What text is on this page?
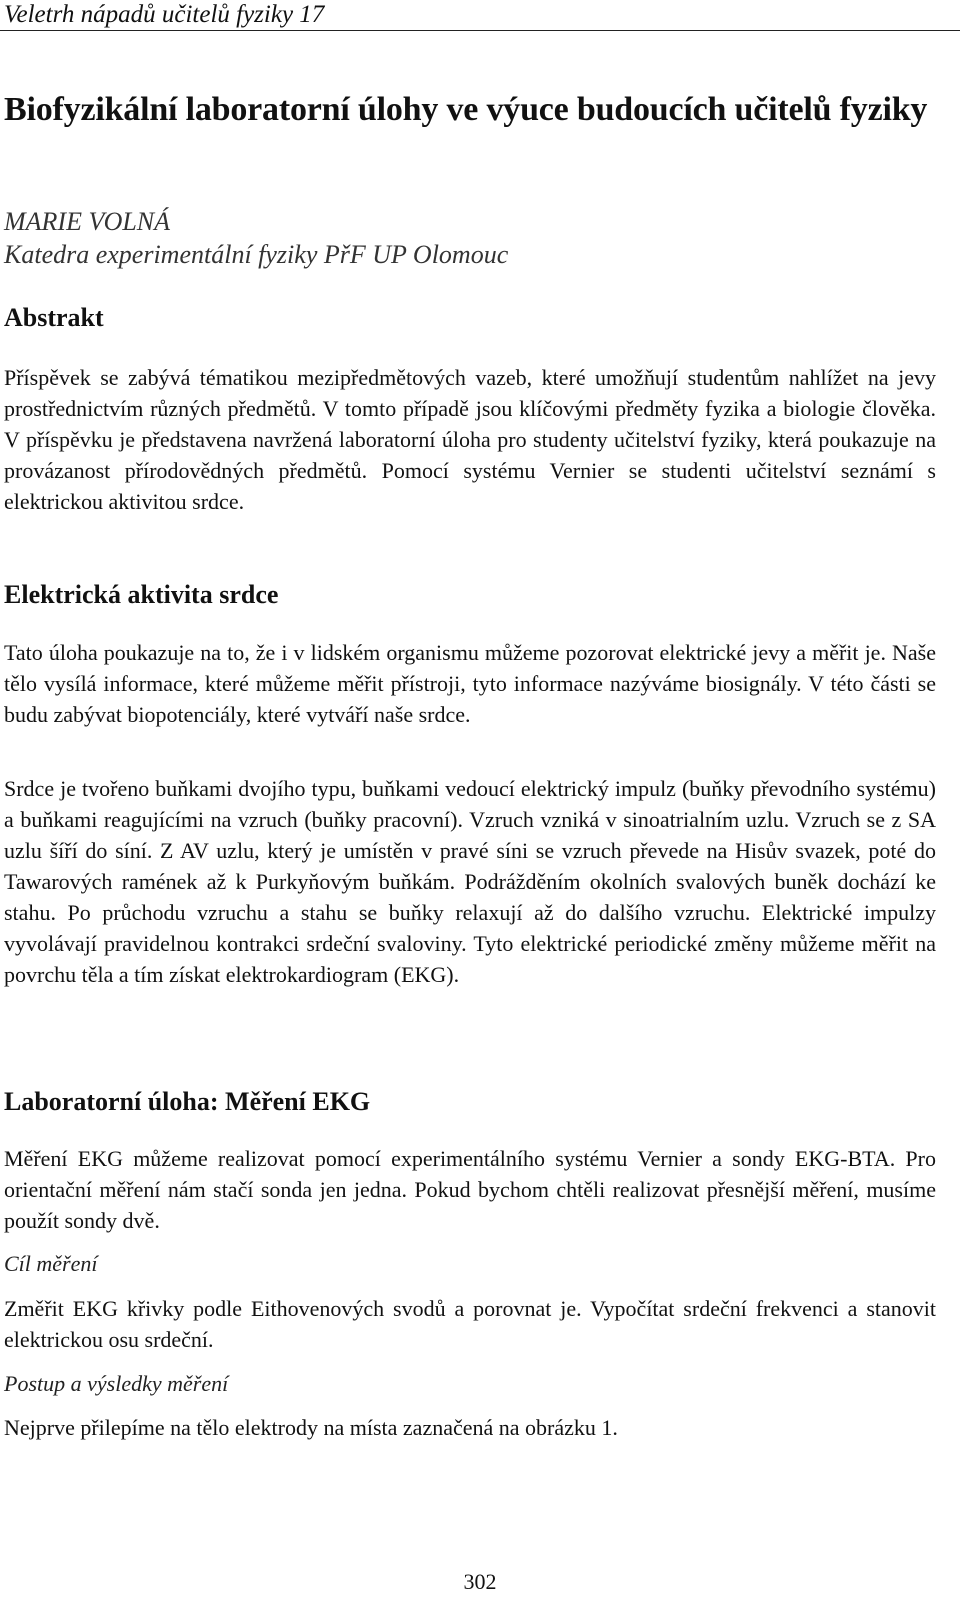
Veletrh nápadů učitelů fyziky 17
Biofyzikální laboratorní úlohy ve výuce budoucích učitelů fyziky
MARIE VOLNÁ
Katedra experimentální fyziky PřF UP Olomouc
Abstrakt

Příspěvek se zabývá tématikou mezipředmětových vazeb, které umožňují studentům nahlížet na jevy prostřednictvím různých předmětů. V tomto případě jsou klíčovými předměty fyzika a biologie člověka. V příspěvku je představena navržená laboratorní úloha pro studenty učitelství fyziky, která poukazuje na provázanost přírodovědných předmětů. Pomocí systému Vernier se studenti učitelství seznámí s elektrickou aktivitou srdce.

Elektrická aktivita srdce

Tato úloha poukazuje na to, že i v lidském organismu můžeme pozorovat elektrické jevy a měřit je. Naše tělo vysílá informace, které můžeme měřit přístroji, tyto informace nazýváme biosignály. V této části se budu zabývat biopotenciály, které vytváří naše srdce.

Srdce je tvořeno buňkami dvojího typu, buňkami vedoucí elektrický impulz (buňky převodního systému) a buňkami reagujícími na vzruch (buňky pracovní). Vzruch vzniká v sinoatrialním uzlu. Vzruch se z SA uzlu šíří do síní. Z AV uzlu, který je umístěn v pravé síni se vzruch převede na Hisův svazek, poté do Tawarových ramének až k Purkyňovým buňkám. Podrážděním okolních svalových buněk dochází ke stahu. Po průchodu vzruchu a stahu se buňky relaxují až do dalšího vzruchu. Elektrické impulzy vyvolávají pravidelnou kontrakci srdeční svaloviny. Tyto elektrické periodické změny můžeme měřit na povrchu těla a tím získat elektrokardiogram (EKG).

Laboratorní úloha: Měření EKG

Měření EKG můžeme realizovat pomocí experimentálního systému Vernier a sondy EKG-BTA. Pro orientační měření nám stačí sonda jen jedna. Pokud bychom chtěli realizovat přesnější měření, musíme použít sondy dvě.

Cíl měření

Změřit EKG křivky podle Eithovenových svodů a porovnat je. Vypočítat srdeční frekvenci a stanovit elektrickou osu srdeční.

Postup a výsledky měření

Nejprve přilepíme na tělo elektrody na místa zaznačená na obrázku 1.

302
